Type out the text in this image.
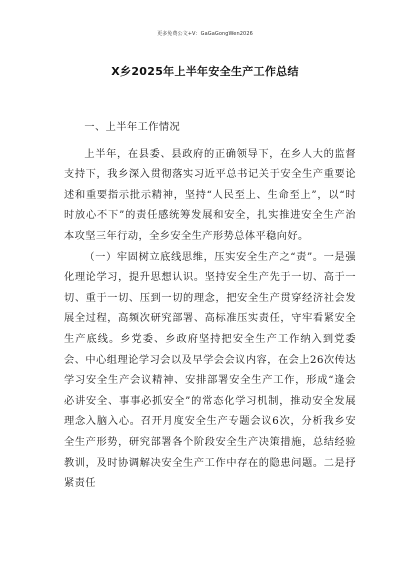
更多免费公文+V：GaGaGongWen2026
X乡2025年上半年安全生产工作总结

一、上半年工作情况

上半年，在县委、县政府的正确领导下，在乡人大的监督支持下，我乡深入贯彻落实习近平总书记关于安全生产重要论述和重要指示批示精神，坚持“人民至上、生命至上”，以“时时放心不下”的责任感统筹发展和安全，扎实推进安全生产治本攻坚三年行动，全乡安全生产形势总体平稳向好。

（一）牢固树立底线思维，压实安全生产之“责”。一是强化理论学习，提升思想认识。坚持安全生产先于一切、高于一切、重于一切、压到一切的理念，把安全生产贯穿经济社会发展全过程，高频次研究部署、高标准压实责任，守牢看紧安全生产底线。乡党委、乡政府坚持把安全生产工作纳入到党委会、中心组理论学习会以及早学会会议内容，在会上26次传达学习安全生产会议精神、安排部署安全生产工作，形成“逢会必讲安全、事事必抓安全”的常态化学习机制，推动安全发展理念入脑入心。召开月度安全生产专题会议6次，分析我乡安全生产形势，研究部署各个阶段安全生产决策措施，总结经验教训，及时协调解决安全生产工作中存在的隐患问题。二是抒紧责任
